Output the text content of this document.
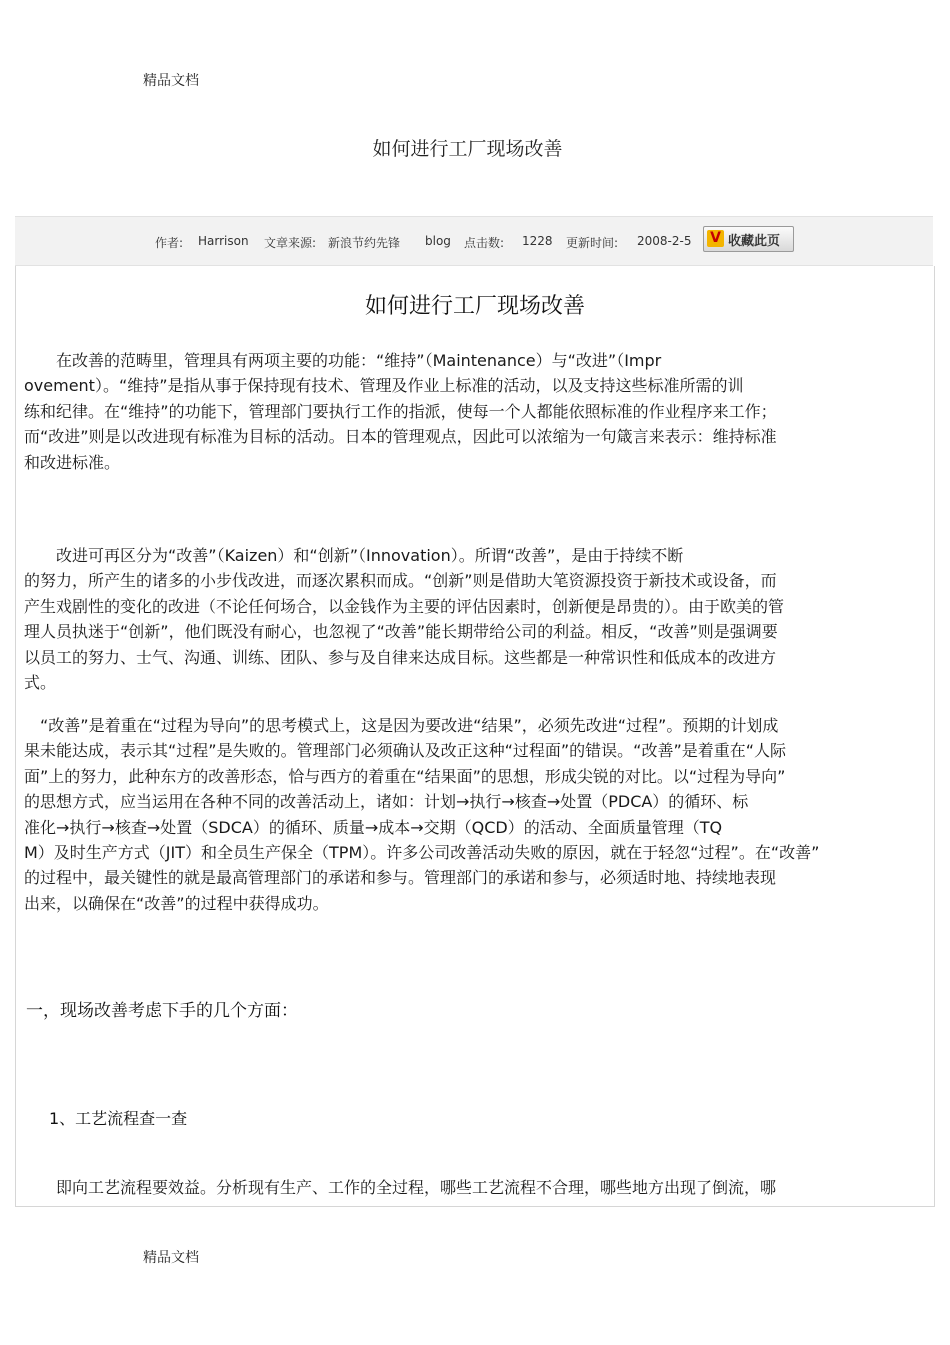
精品文档
如何进行工厂现场改善
作者: Harrison 文章来源: 新浪节约先锋 blog 点击数: 1228 更新时间: 2008-2-5 V 收藏此页
如何进行工厂现场改善
　　在改善的范畴里，管理具有两项主要的功能：“维持”（Maintenance）与“改进”（Impr
ovement）。“维持”是指从事于保持现有技术、管理及作业上标准的活动，以及支持这些标准所需的训
练和纪律。在“维持”的功能下，管理部门要执行工作的指派，使每一个人都能依照标准的作业程序来工作；
而“改进”则是以改进现有标准为目标的活动。日本的管理观点，因此可以浓缩为一句箴言来表示：维持标准
和改进标准。
　　改进可再区分为“改善”（Kaizen）和“创新”（Innovation）。所谓“改善”，是由于持续不断
的努力，所产生的诸多的小步伐改进，而逐次累积而成。“创新”则是借助大笔资源投资于新技术或设备，而
产生戏剧性的变化的改进（不论任何场合，以金钱作为主要的评估因素时，创新便是昂贵的）。由于欧美的管
理人员执迷于“创新”，他们既没有耐心，也忽视了“改善”能长期带给公司的利益。相反，“改善”则是强调要
以员工的努力、士气、沟通、训练、团队、参与及自律来达成目标。这些都是一种常识性和低成本的改进方
式。
　“改善”是着重在“过程为导向”的思考模式上，这是因为要改进“结果”，必须先改进“过程”。预期的计划成
果未能达成，表示其“过程”是失败的。管理部门必须确认及改正这种“过程面”的错误。“改善”是着重在“人际
面”上的努力，此种东方的改善形态，恰与西方的着重在“结果面”的思想，形成尖锐的对比。以“过程为导向”
的思想方式，应当运用在各种不同的改善活动上，诸如：计划→执行→核查→处置（PDCA）的循环、标
准化→执行→核查→处置（SDCA）的循环、质量→成本→交期（QCD）的活动、全面质量管理（TQ
M）及时生产方式（JIT）和全员生产保全（TPM）。许多公司改善活动失败的原因，就在于轻忽“过程”。在“改善”
的过程中，最关键性的就是最高管理部门的承诺和参与。管理部门的承诺和参与，必须适时地、持续地表现
出来，以确保在“改善”的过程中获得成功。
一，现场改善考虑下手的几个方面：
1、工艺流程查一查
　　即向工艺流程要效益。分析现有生产、工作的全过程，哪些工艺流程不合理，哪些地方出现了倒流，哪
精品文档
